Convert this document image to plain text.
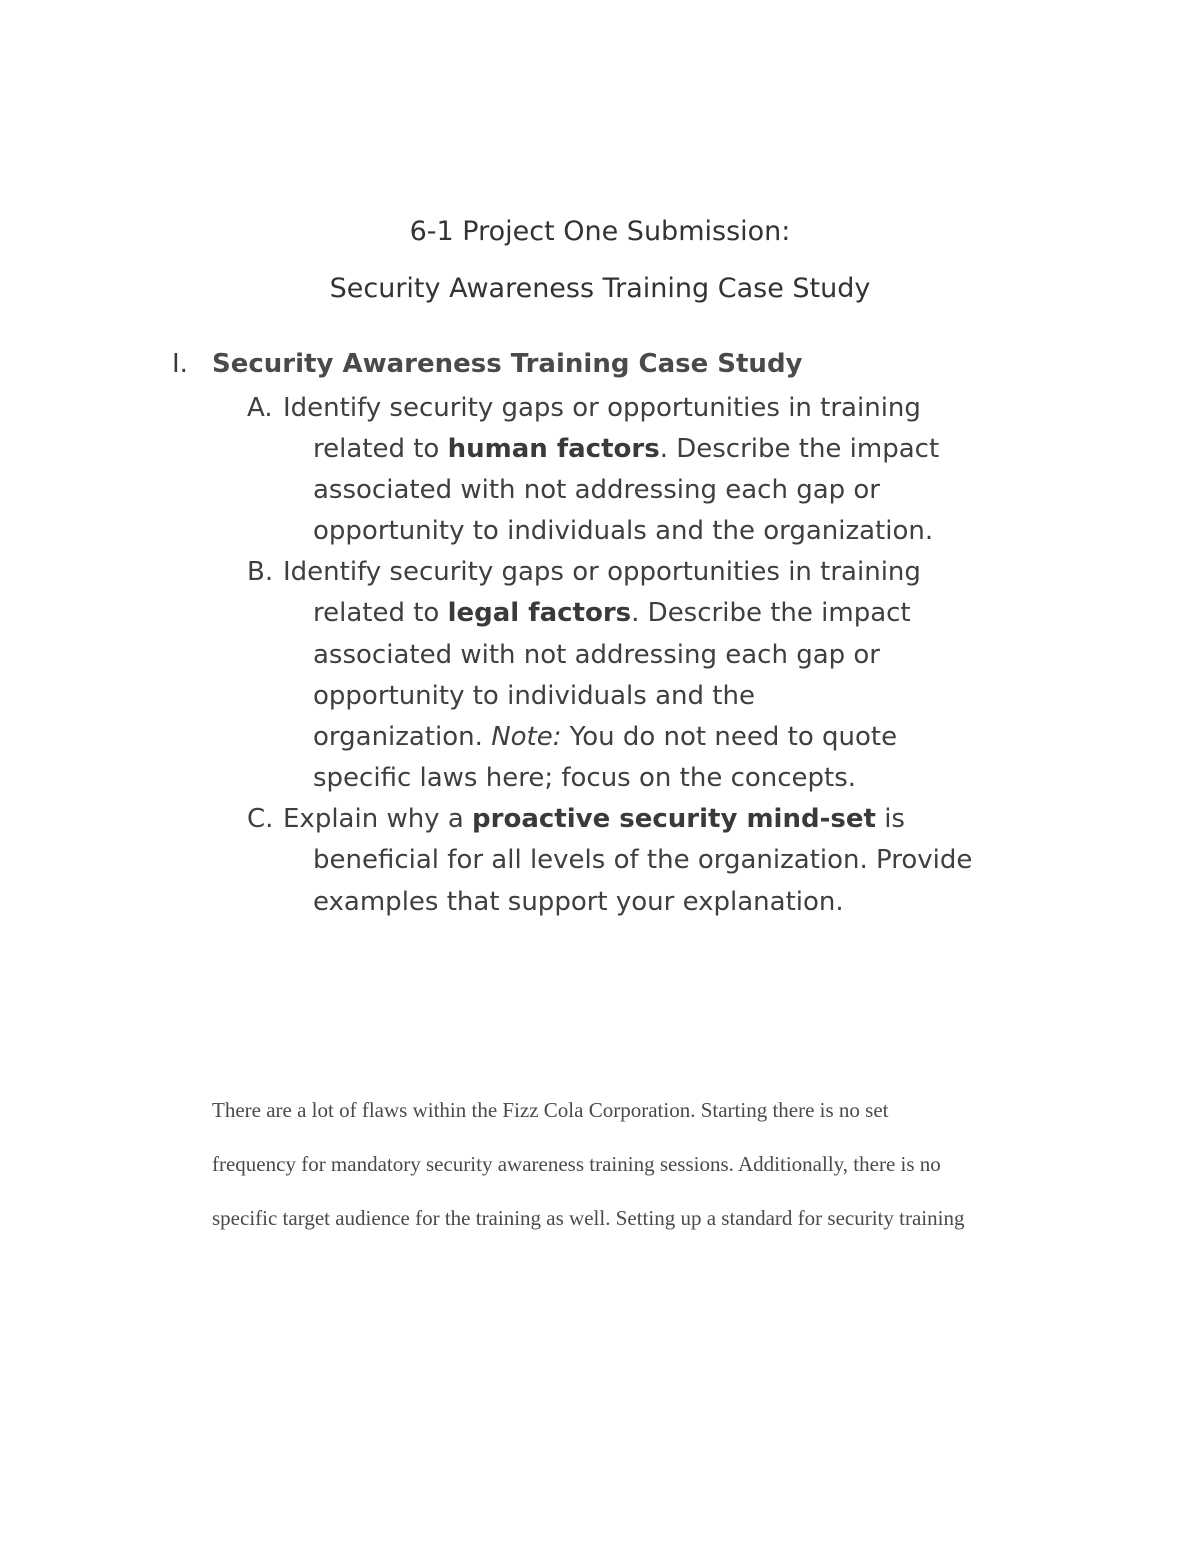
6-1 Project One Submission:
Security Awareness Training Case Study
I. Security Awareness Training Case Study
A. Identify security gaps or opportunities in training
related to human factors. Describe the impact
associated with not addressing each gap or
opportunity to individuals and the organization.
B. Identify security gaps or opportunities in training
related to legal factors. Describe the impact
associated with not addressing each gap or
opportunity to individuals and the
organization. Note: You do not need to quote
specific laws here; focus on the concepts.
C. Explain why a proactive security mind-set is
beneficial for all levels of the organization. Provide
examples that support your explanation.
There are a lot of flaws within the Fizz Cola Corporation. Starting there is no set
frequency for mandatory security awareness training sessions. Additionally, there is no
specific target audience for the training as well. Setting up a standard for security training
